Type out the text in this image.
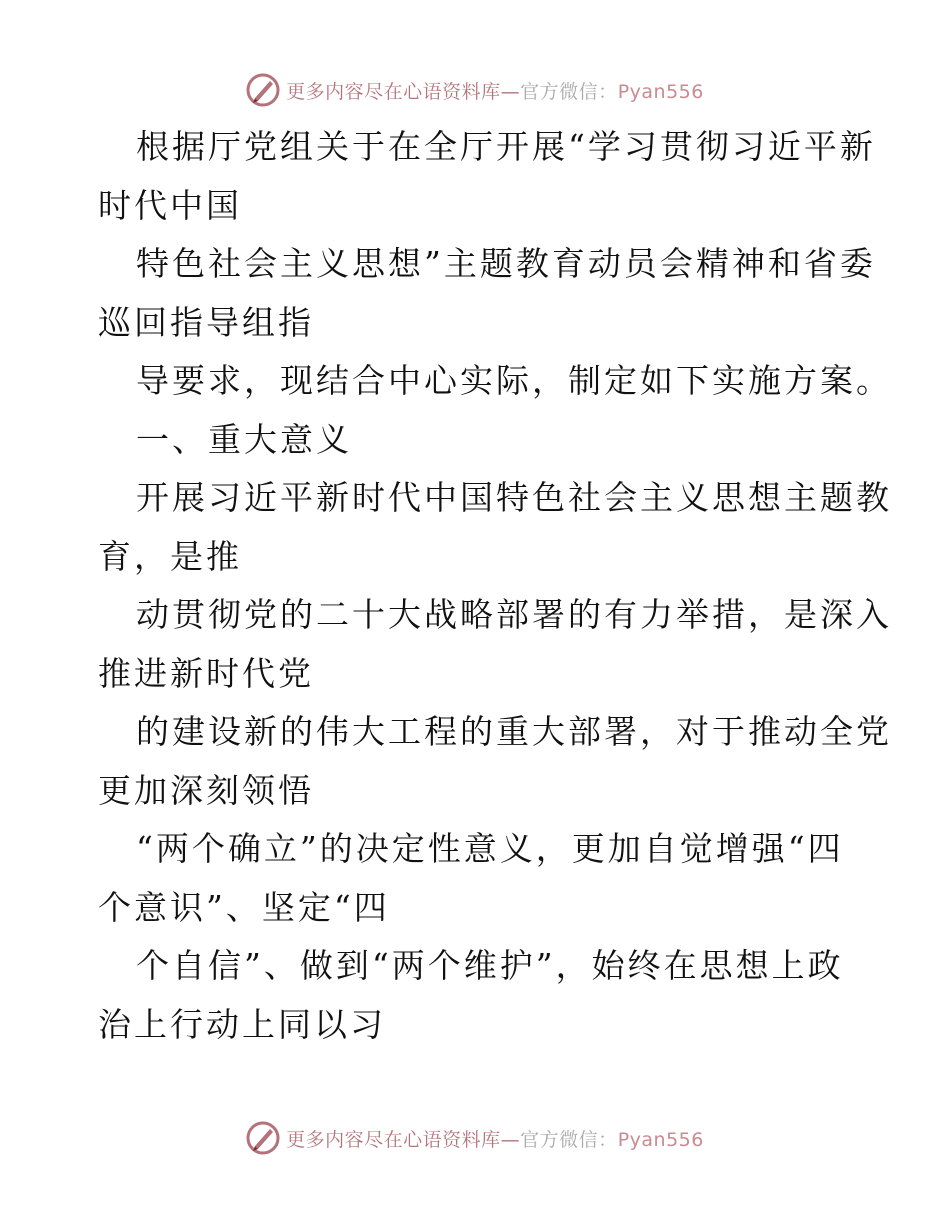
更多内容尽在心语资料库—官方微信：Pyan556
根据厅党组关于在全厅开展“学习贯彻习近平新
时代中国
特色社会主义思想”主题教育动员会精神和省委
巡回指导组指
导要求，现结合中心实际，制定如下实施方案。
一、重大意义
开展习近平新时代中国特色社会主义思想主题教
育，是推
动贯彻党的二十大战略部署的有力举措，是深入
推进新时代党
的建设新的伟大工程的重大部署，对于推动全党
更加深刻领悟
“两个确立”的决定性意义，更加自觉增强“四
个意识”、坚定“四
个自信”、做到“两个维护”，始终在思想上政
治上行动上同以习
更多内容尽在心语资料库—官方微信：Pyan556
